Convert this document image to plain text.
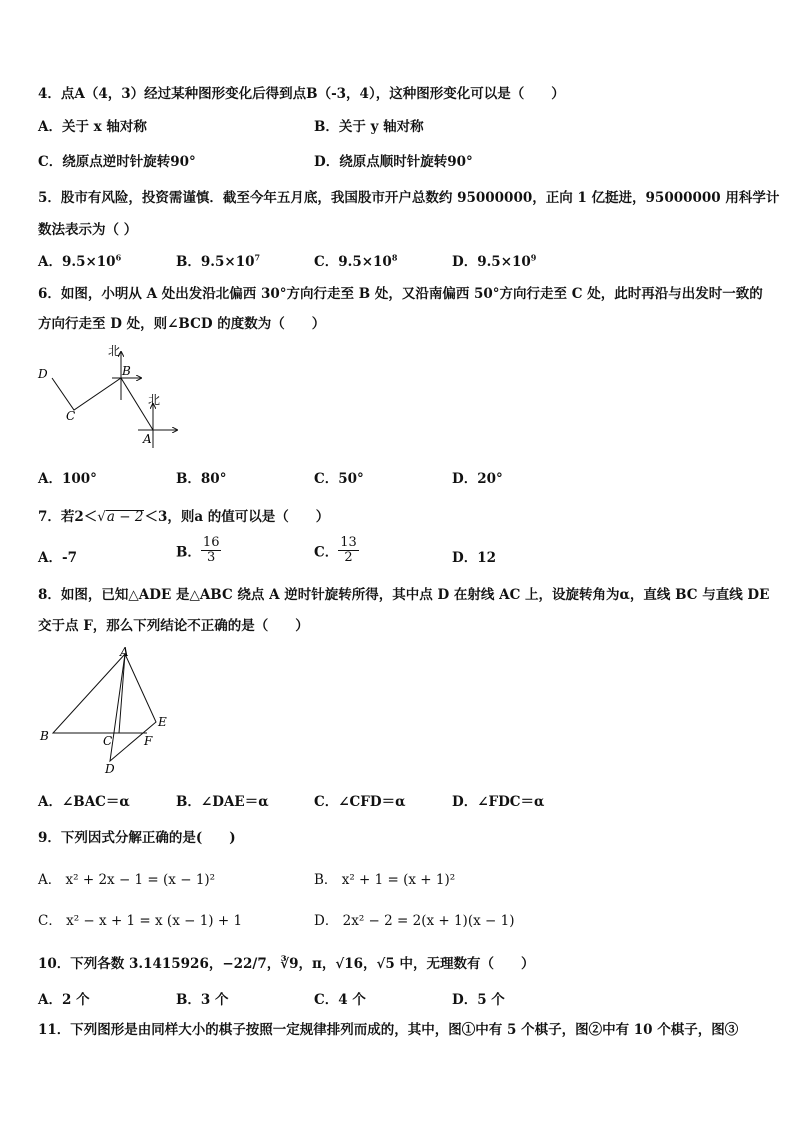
4．点A（4，3）经过某种图形变化后得到点B（-3，4），这种图形变化可以是（　　）
A．关于 x 轴对称	B．关于 y 轴对称
C．绕原点逆时针旋转90°	D．绕原点顺时针旋转90°
5．股市有风险，投资需谨慎．截至今年五月底，我国股市开户总数约 95000000，正向 1 亿挺进，95000000 用科学计
数法表示为（ ）
A．$9.5\times 10^6$	B．$9.5\times 10^7$	C．$9.5\times 10^8$	D．$9.5\times 10^9$
6．如图，小明从 A 处出发沿北偏西 30°方向行走至 B 处，又沿南偏西 50°方向行走至 C 处，此时再沿与出发时一致的
方向行走至 D 处，则∠BCD 的度数为（　　）
北
北
D
C
B
A
A．100°	B．80°	C．50°	D．20°
7．若2＜√a − 2＜3，则a 的值可以是（　　）
A．-7	B． $\frac{16}{3}$	C． $\frac{13}{2}$	D．12
8．如图，已知△ADE 是△ABC 绕点 A 逆时针旋转所得，其中点 D 在射线 AC 上，设旋转角为α，直线 BC 与直线 DE
交于点 F，那么下列结论不正确的是（　　）
A
B	C
D
E
F
A．∠BAC＝α	B．∠DAE＝α	C．∠CFD＝α	D．∠FDC＝α
9．下列因式分解正确的是(　　)
A． x² + 2x − 1 = (x − 1)²	B． x² + 1 = (x + 1)²
C． x² − x + 1 = x (x − 1) + 1	D． 2x² − 2 = 2(x + 1)(x − 1)
10．下列各数 3.1415926，−22/7，∛9，π，√16，√5 中，无理数有（　　）
A．2 个	B．3 个	C．4 个	D．5 个
11．下列图形是由同样大小的棋子按照一定规律排列而成的，其中，图①中有 5 个棋子，图②中有 10 个棋子，图③
